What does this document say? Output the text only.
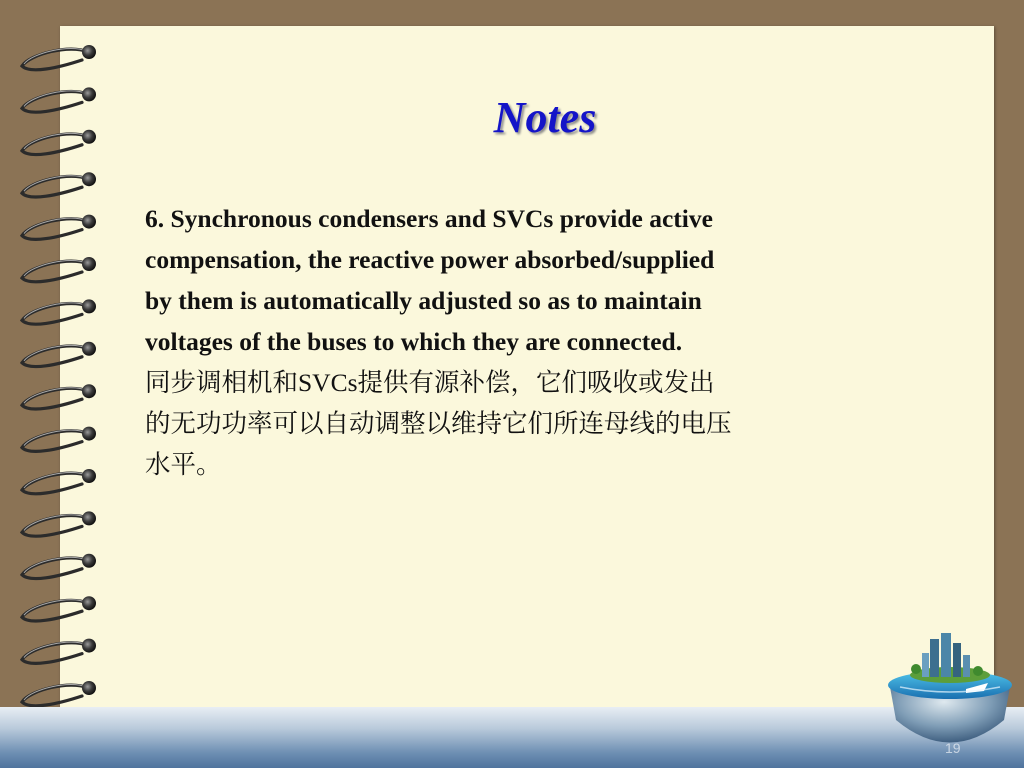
Notes

6. Synchronous condensers and SVCs provide active

compensation, the reactive power absorbed/supplied

by them is automatically adjusted so as to maintain

voltages of the buses to which they are connected.

同步调相机和SVCs提供有源补偿，它们吸收或发出

的无功功率可以自动调整以维持它们所连母线的电压

水平。

19
